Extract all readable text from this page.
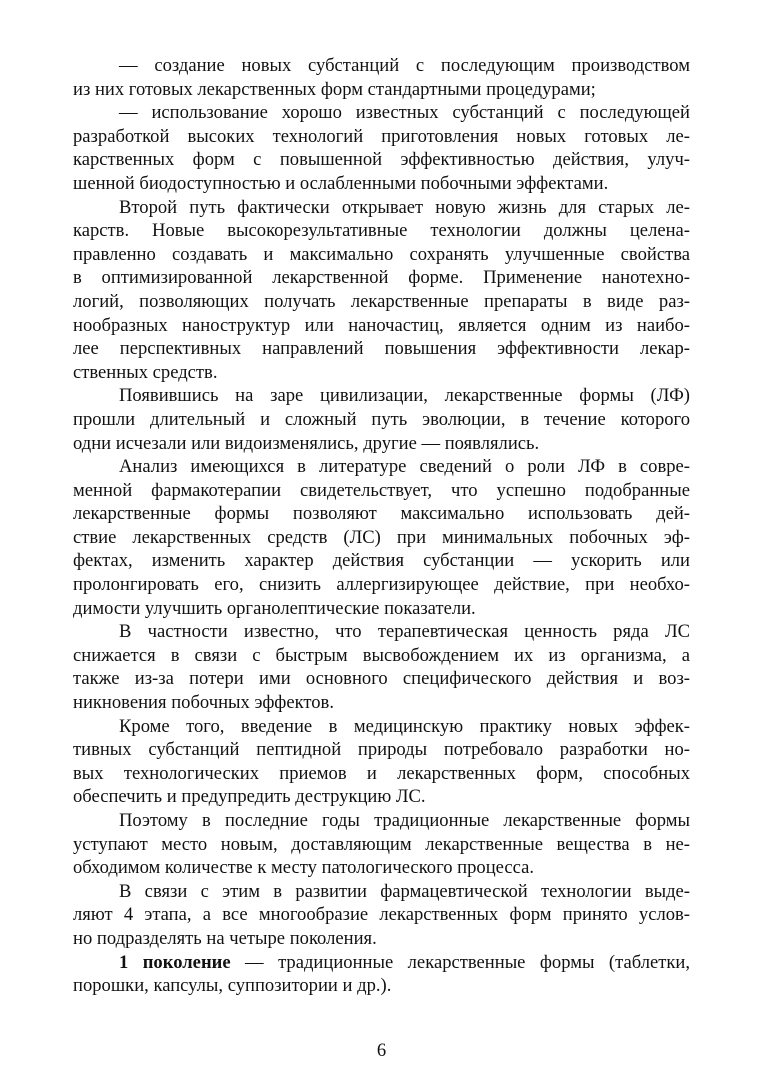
— создание новых субстанций с последующим производством
из них готовых лекарственных форм стандартными процедурами;

— использование хорошо известных субстанций с последующей
разработкой высоких технологий приготовления новых готовых ле-
карственных форм с повышенной эффективностью действия, улуч-
шенной биодоступностью и ослабленными побочными эффектами.

Второй путь фактически открывает новую жизнь для старых ле-
карств. Новые высокорезультативные технологии должны целена-
правленно создавать и максимально сохранять улучшенные свойства
в оптимизированной лекарственной форме. Применение нанотехно-
логий, позволяющих получать лекарственные препараты в виде раз-
нообразных наноструктур или наночастиц, является одним из наибо-
лее перспективных направлений повышения эффективности лекар-
ственных средств.

Появившись на заре цивилизации, лекарственные формы (ЛФ)
прошли длительный и сложный путь эволюции, в течение которого
одни исчезали или видоизменялись, другие — появлялись.

Анализ имеющихся в литературе сведений о роли ЛФ в совре-
менной фармакотерапии свидетельствует, что успешно подобранные
лекарственные формы позволяют максимально использовать дей-
ствие лекарственных средств (ЛС) при минимальных побочных эф-
фектах, изменить характер действия субстанции — ускорить или
пролонгировать его, снизить аллергизирующее действие, при необхо-
димости улучшить органолептические показатели.

В частности известно, что терапевтическая ценность ряда ЛС
снижается в связи с быстрым высвобождением их из организма, а
также из-за потери ими основного специфического действия и воз-
никновения побочных эффектов.

Кроме того, введение в медицинскую практику новых эффек-
тивных субстанций пептидной природы потребовало разработки но-
вых технологических приемов и лекарственных форм, способных
обеспечить и предупредить деструкцию ЛС.

Поэтому в последние годы традиционные лекарственные формы
уступают место новым, доставляющим лекарственные вещества в не-
обходимом количестве к месту патологического процесса.

В связи с этим в развитии фармацевтической технологии выде-
ляют 4 этапа, а все многообразие лекарственных форм принято услов-
но подразделять на четыре поколения.

1 поколение — традиционные лекарственные формы (таблетки,
порошки, капсулы, суппозитории и др.).

6
